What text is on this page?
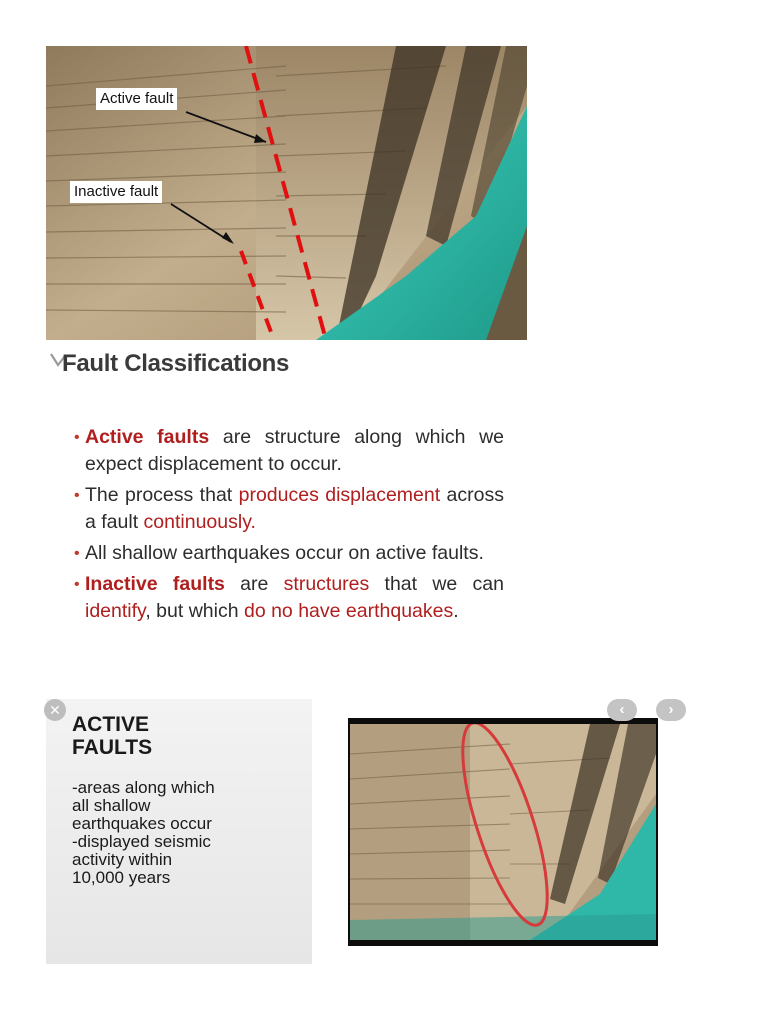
Active fault
Inactive fault
Fault Classifications
• Active faults are structure along which we expect displacement to occur.
• The process that produces displacement across a fault continuously.
• All shallow earthquakes occur on active faults.
• Inactive faults are structures that we can identify, but which do no have earthquakes.
ACTIVE
FAULTS
-areas along which
all shallow
earthquakes occur
-displayed seismic
activity within
10,000 years
✕	‹	›
